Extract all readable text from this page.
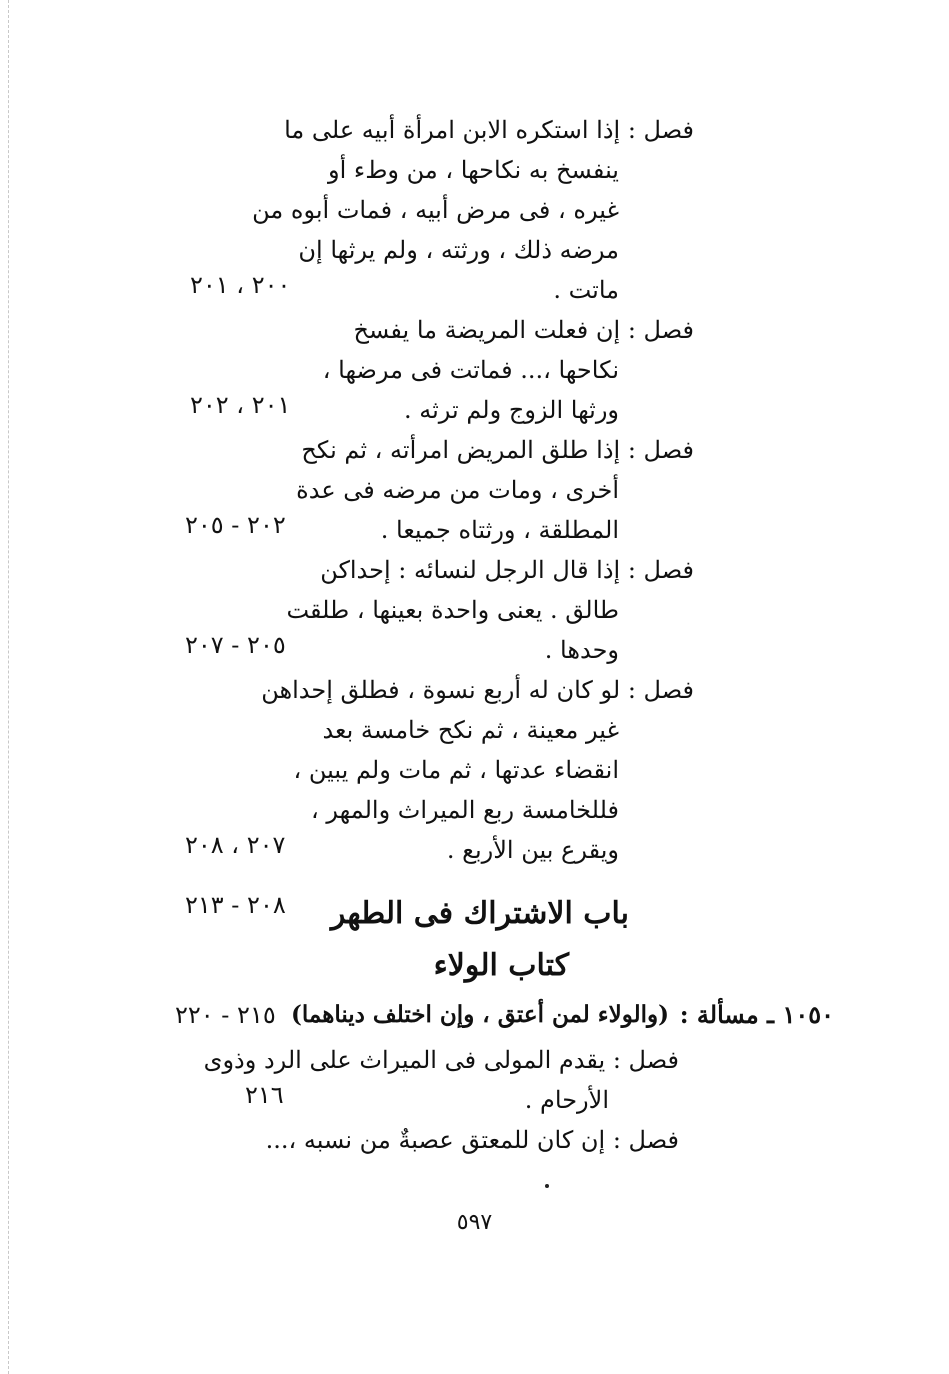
فصل : إذا استكره الابن امرأة أبيه على ما
ينفسخ به نكاحها ، من وطء أو
غيره ، فى مرض أبيه ، فمات أبوه من
مرضه ذلك ، ورثته ، ولم يرثها إن
ماتت .
٢٠٠ ، ٢٠١
فصل : إن فعلت المريضة ما يفسخ
نكاحها ،... فماتت فى مرضها ،
ورثها الزوج ولم ترثه .
٢٠١ ، ٢٠٢
فصل : إذا طلق المريض امرأته ، ثم نكح
أخرى ، ومات من مرضه فى عدة
المطلقة ، ورثتاه جميعا .
٢٠٢ - ٢٠٥
فصل : إذا قال الرجل لنسائه : إحداكن
طالق . يعنى واحدة بعينها ، طلقت
وحدها .
٢٠٥ - ٢٠٧
فصل : لو كان له أربع نسوة ، فطلق إحداهن
غير معينة ، ثم نكح خامسة بعد
انقضاء عدتها ، ثم مات ولم يبين ،
فللخامسة ربع الميراث والمهر ،
ويقرع بين الأربع .
٢٠٧ ، ٢٠٨
باب الاشتراك فى الطهر
٢٠٨ - ٢١٣
كتاب الولاء
١٠٥٠ ـ مسألة :
(والولاء لمن أعتق ، وإن اختلف ديناهما)
٢١٥ - ٢٢٠
فصل : يقدم المولى فى الميراث على الرد وذوى
الأرحام .
٢١٦
فصل : إن كان للمعتق عصبةٌ من نسبه ،...
٥٩٧
